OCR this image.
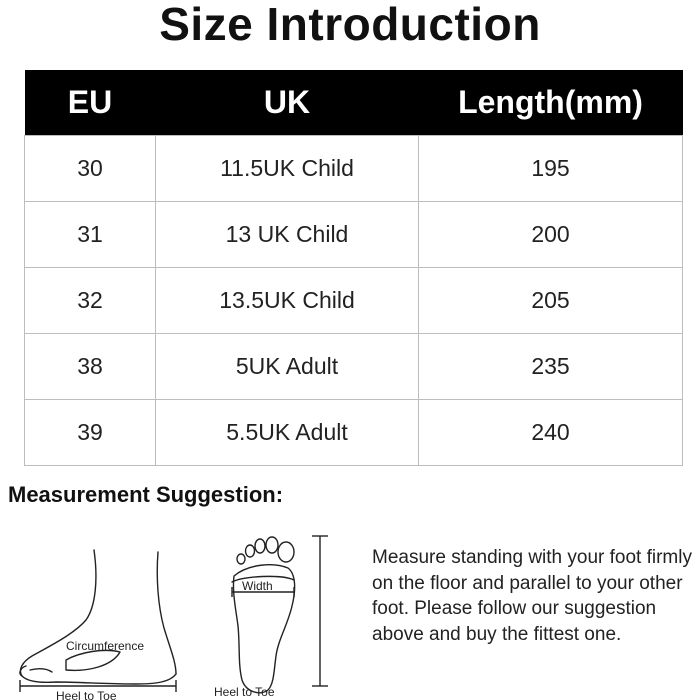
Size Introduction
EU	UK	Length(mm)
30	11.5UK Child	195
31	13 UK Child	200
32	13.5UK Child	205
38	5UK Adult	235
39	5.5UK Adult	240
Measurement Suggestion:
Circumference
Heel to Toe
Width
Heel to Toe

Measure standing with your foot firmly on the floor and parallel to your other foot. Please follow our suggestion above and buy the fittest one.
